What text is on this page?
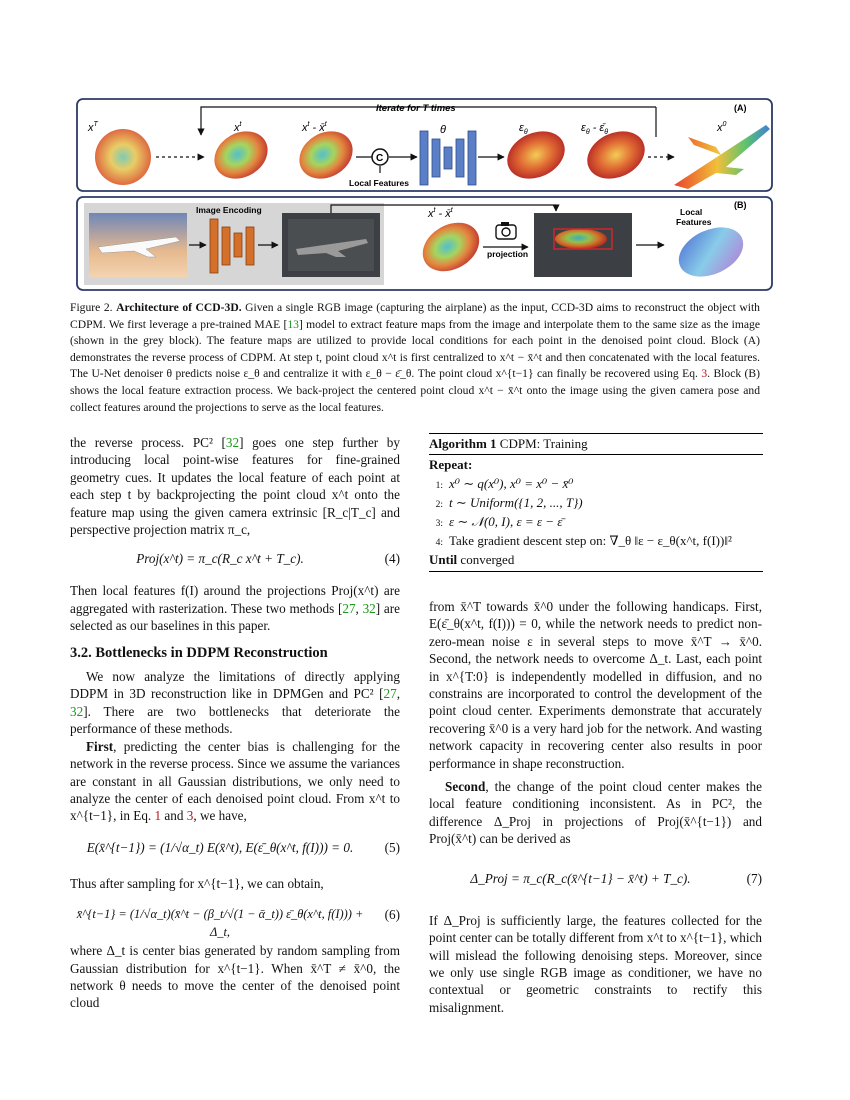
(A)
Iterate for T times
$x^T$	$x^t$	$x^t$ - x̄$^t$	θ	$\varepsilon_\theta$	$\varepsilon_\theta$ - $\varepsilon̄_\theta$	$x^0$
C
Local Features
(B)
Image Encoding	$x^t$ - x̄$^t$
projection
Local
Features
Figure 2. Architecture of CCD-3D. Given a single RGB image (capturing the airplane) as the input, CCD-3D aims to reconstruct the object with CDPM. We first leverage a pre-trained MAE [13] model to extract feature maps from the image and interpolate them to the same size as the image (shown in the grey block). The feature maps are utilized to provide local conditions for each point in the denoised point cloud. Block (A) demonstrates the reverse process of CDPM. At step t, point cloud x^t is first centralized to x^t − x̄^t and then concatenated with the local features. The U-Net denoiser θ predicts noise ε_θ and centralize it with ε_θ − ε̄_θ. The point cloud x^{t−1} can finally be recovered using Eq. 3. Block (B) shows the local feature extraction process. We back-project the centered point cloud x^t − x̄^t onto the image using the given camera pose and collect features around the projections to serve as the local features.

the reverse process. PC² [32] goes one step further by introducing local point-wise features for fine-grained geometry cues. It updates the local feature of each point at each step t by backprojecting the point cloud x^t onto the feature map using the given camera extrinsic [R_c|T_c] and perspective projection matrix π_c,

Proj(x^t) = π_c(R_c x^t + T_c).	(4)

Then local features f(I) around the projections Proj(x^t) are aggregated with rasterization. These two methods [27, 32] are selected as our baselines in this paper.

3.2. Bottlenecks in DDPM Reconstruction

We now analyze the limitations of directly applying DDPM in 3D reconstruction like in DPMGen and PC² [27, 32]. There are two bottlenecks that deteriorate the performance of these methods.

First, predicting the center bias is challenging for the network in the reverse process. Since we assume the variances are constant in all Gaussian distributions, we only need to analyze the center of each denoised point cloud. From x^t to x^{t−1}, in Eq. 1 and 3, we have,

E(x̄^{t−1}) = (1/√α_t) E(x̄^t), E(ε̄_θ(x^t, f(I))) = 0.	(5)

Thus after sampling for x^{t−1}, we can obtain,

x̄^{t−1} = (1/√α_t)(x̄^t − (β_t/√(1 − ᾱ_t)) ε̄_θ(x^t, f(I))) + Δ_t,
(6)

where Δ_t is center bias generated by random sampling from Gaussian distribution for x^{t−1}. When x̄^T ≠ x̄^0, the network θ needs to move the center of the denoised point cloud

Algorithm 1 CDPM: Training
Repeat:
1: x⁰ ∼ q(x⁰), x⁰ = x⁰ − x̄⁰
2: t ∼ Uniform({1, 2, ..., T})
3: ε ∼ 𝒩(0, I), ε = ε − ε̄
4: Take gradient descent step on: ∇_θ ‖ε − ε_θ(x^t, f(I))‖²
Until converged

from x̄^T towards x̄^0 under the following handicaps. First, E(ε̄_θ(x^t, f(I))) = 0, while the network needs to predict non-zero-mean noise ε in several steps to move x̄^T → x̄^0. Second, the network needs to overcome Δ_t. Last, each point in x^{T:0} is independently modelled in diffusion, and no constrains are incorporated to control the development of the point cloud center. Experiments demonstrate that accurately recovering x̄^0 is a very hard job for the network. And wasting network capacity in recovering center also results in poor performance in shape reconstruction.

Second, the change of the point cloud center makes the local feature conditioning inconsistent. As in PC², the difference Δ_Proj in projections of Proj(x̄^{t−1}) and Proj(x̄^t) can be derived as

Δ_Proj = π_c(R_c(x̄^{t−1} − x̄^t) + T_c).	(7)

If Δ_Proj is sufficiently large, the features collected for the point center can be totally different from x^t to x^{t−1}, which will mislead the following denoising steps. Moreover, since we only use single RGB image as conditioner, we have no contextual or geometric constraints to rectify this misalignment.
